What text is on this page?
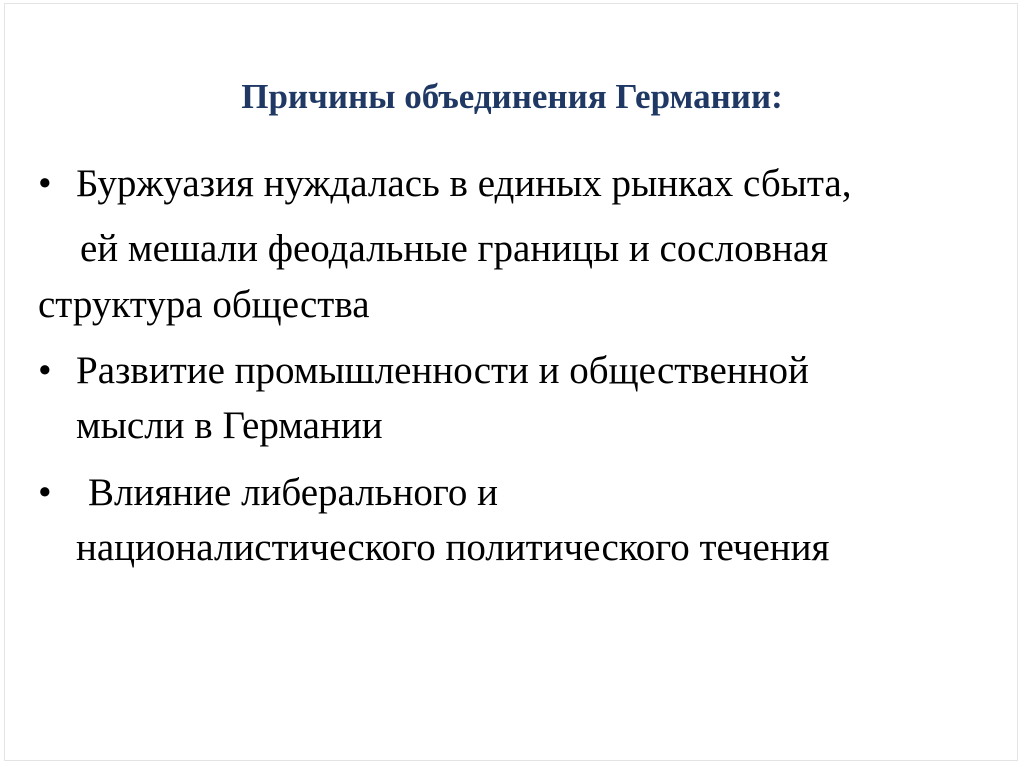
Причины объединения Германии:
• Буржуазия нуждалась в единых рынках сбыта,

ей мешали феодальные границы и сословная

структура общества

• Развитие промышленности и общественной

мысли в Германии

• Влияние либерального и

националистического политического течения
